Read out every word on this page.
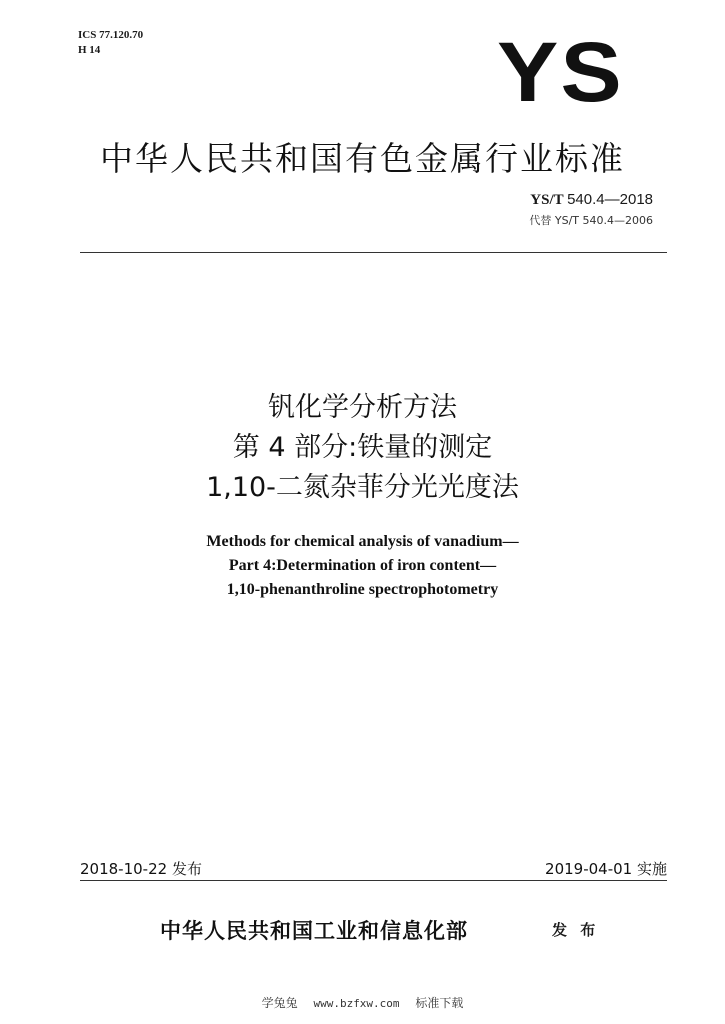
ICS 77.120.70
H 14	YS
中华人民共和国有色金属行业标准
YS/T 540.4—2018
代替 YS/T 540.4—2006
钒化学分析方法
第 4 部分:铁量的测定
1,10-二氮杂菲分光光度法
Methods for chemical analysis of vanadium—
Part 4:Determination of iron content—
1,10-phenanthroline spectrophotometry
2018-10-22 发布	2019-04-01 实施
中华人民共和国工业和信息化部	发 布
学兔兔 www.bzfxw.com 标准下载
